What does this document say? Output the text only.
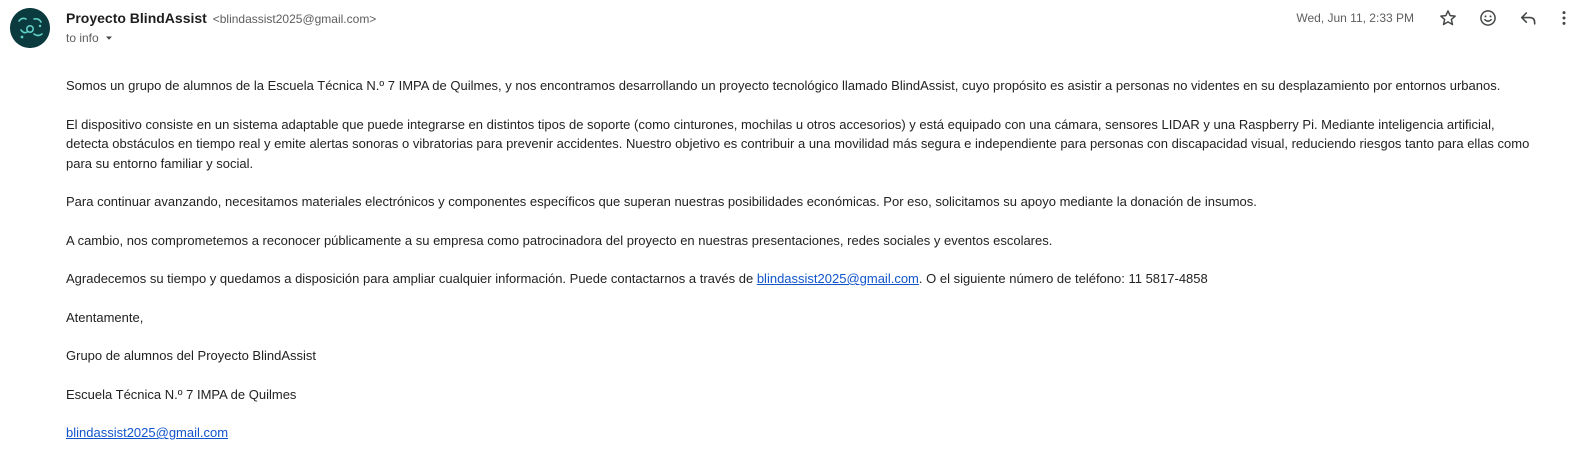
Proyecto BlindAssist <blindassist2025@gmail.com>
to info
Wed, Jun 11, 2:33 PM

Somos un grupo de alumnos de la Escuela Técnica N.º 7 IMPA de Quilmes, y nos encontramos desarrollando un proyecto tecnológico llamado BlindAssist, cuyo propósito es asistir a personas no videntes en su desplazamiento por entornos urbanos.

El dispositivo consiste en un sistema adaptable que puede integrarse en distintos tipos de soporte (como cinturones, mochilas u otros accesorios) y está equipado con una cámara, sensores LIDAR y una Raspberry Pi. Mediante inteligencia artificial, detecta obstáculos en tiempo real y emite alertas sonoras o vibratorias para prevenir accidentes. Nuestro objetivo es contribuir a una movilidad más segura e independiente para personas con discapacidad visual, reduciendo riesgos tanto para ellas como para su entorno familiar y social.

Para continuar avanzando, necesitamos materiales electrónicos y componentes específicos que superan nuestras posibilidades económicas. Por eso, solicitamos su apoyo mediante la donación de insumos.

A cambio, nos comprometemos a reconocer públicamente a su empresa como patrocinadora del proyecto en nuestras presentaciones, redes sociales y eventos escolares.

Agradecemos su tiempo y quedamos a disposición para ampliar cualquier información. Puede contactarnos a través de blindassist2025@gmail.com. O el siguiente número de teléfono: 11 5817-4858

Atentamente,

Grupo de alumnos del Proyecto BlindAssist

Escuela Técnica N.º 7 IMPA de Quilmes

blindassist2025@gmail.com
